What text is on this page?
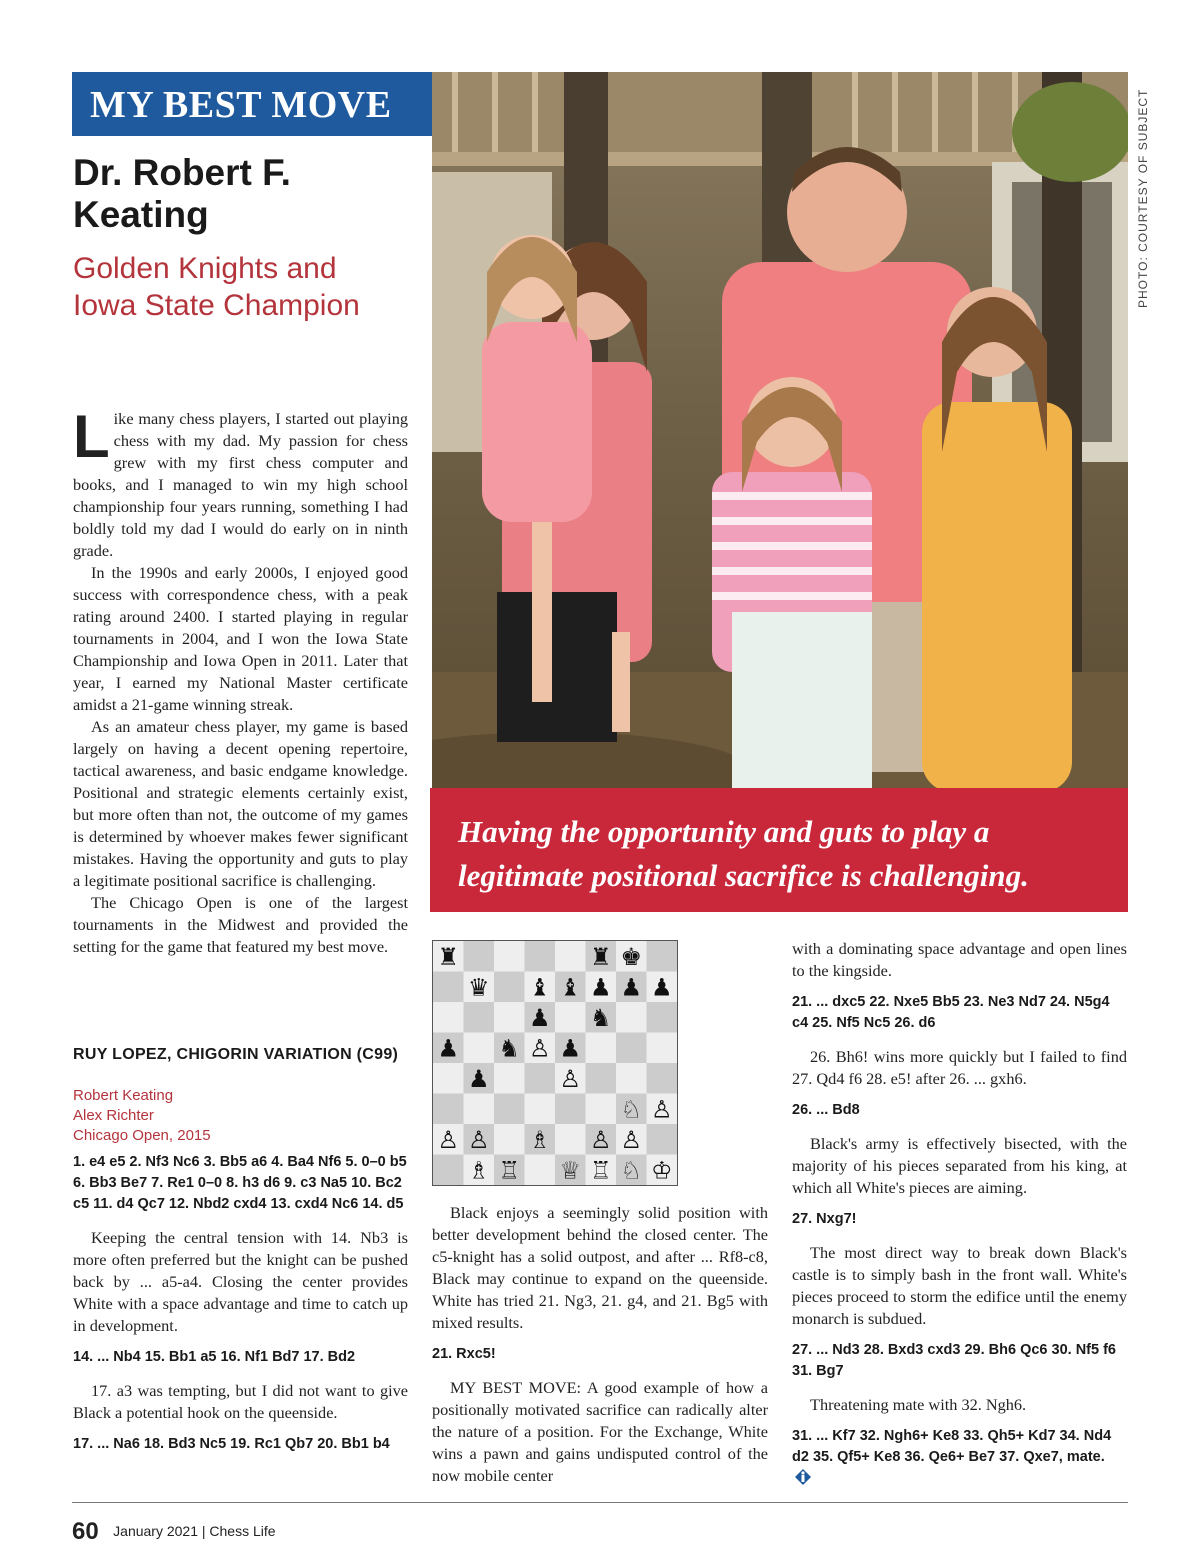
MY BEST MOVE
Dr. Robert F. Keating
Golden Knights and Iowa State Champion

Like many chess players, I started out playing chess with my dad. My passion for chess grew with my first chess computer and books, and I managed to win my high school championship four years running, something I had boldly told my dad I would do early on in ninth grade.

In the 1990s and early 2000s, I enjoyed good success with correspondence chess, with a peak rating around 2400. I started playing in regular tournaments in 2004, and I won the Iowa State Championship and Iowa Open in 2011. Later that year, I earned my National Master certificate amidst a 21-game winning streak.

As an amateur chess player, my game is based largely on having a decent opening repertoire, tactical awareness, and basic endgame knowledge. Positional and strategic elements certainly exist, but more often than not, the outcome of my games is determined by whoever makes fewer significant mistakes. Having the opportunity and guts to play a legitimate positional sacrifice is challenging.

The Chicago Open is one of the largest tournaments in the Midwest and provided the setting for the game that featured my best move.

RUY LOPEZ, CHIGORIN VARIATION (C99)
Robert Keating
Alex Richter
Chicago Open, 2015
1. e4 e5 2. Nf3 Nc6 3. Bb5 a6 4. Ba4 Nf6 5. 0–0 b5 6. Bb3 Be7 7. Re1 0–0 8. h3 d6 9. c3 Na5 10. Bc2 c5 11. d4 Qc7 12. Nbd2 cxd4 13. cxd4 Nc6 14. d5

Keeping the central tension with 14. Nb3 is more often preferred but the knight can be pushed back by ... a5-a4. Closing the center provides White with a space advantage and time to catch up in development.

14. ... Nb4 15. Bb1 a5 16. Nf1 Bd7 17. Bd2

17. a3 was tempting, but I did not want to give Black a potential hook on the queenside.

17. ... Na6 18. Bd3 Nc5 19. Rc1 Qb7 20. Bb1 b4
PHOTO: COURTESY OF SUBJECT
Having the opportunity and guts to play a legitimate positional sacrifice is challenging.
♜	♜ ♚
♛ ♝ ♝ ♟ ♟ ♟
♟ ♞
♟ ♞ ♙ ♟
♟	♙
♘ ♙
♙ ♙ ♗ ♙ ♙
♗ ♖ ♕ ♖ ♘ ♔

Black enjoys a seemingly solid position with better development behind the closed center. The c5-knight has a solid outpost, and after ... Rf8-c8, Black may continue to expand on the queenside. White has tried 21. Ng3, 21. g4, and 21. Bg5 with mixed results.

21. Rxc5!

MY BEST MOVE: A good example of how a positionally motivated sacrifice can radically alter the nature of a position. For the Exchange, White wins a pawn and gains undisputed control of the now mobile center

with a dominating space advantage and open lines to the kingside.

21. ... dxc5 22. Nxe5 Bb5 23. Ne3 Nd7 24. N5g4 c4 25. Nf5 Nc5 26. d6

26. Bh6! wins more quickly but I failed to find 27. Qd4 f6 28. e5! after 26. ... gxh6.

26. ... Bd8

Black's army is effectively bisected, with the majority of his pieces separated from his king, at which all White's pieces are aiming.

27. Nxg7!

The most direct way to break down Black's castle is to simply bash in the front wall. White's pieces proceed to storm the edifice until the enemy monarch is subdued.

27. ... Nd3 28. Bxd3 cxd3 29. Bh6 Qc6 30. Nf5 f6 31. Bg7

Threatening mate with 32. Ngh6.

31. ... Kf7 32. Ngh6+ Ke8 33. Qh5+ Kd7 34. Nd4 d2 35. Qf5+ Ke8 36. Qe6+ Be7 37. Qxe7, mate.
60 January 2021 | Chess Life
